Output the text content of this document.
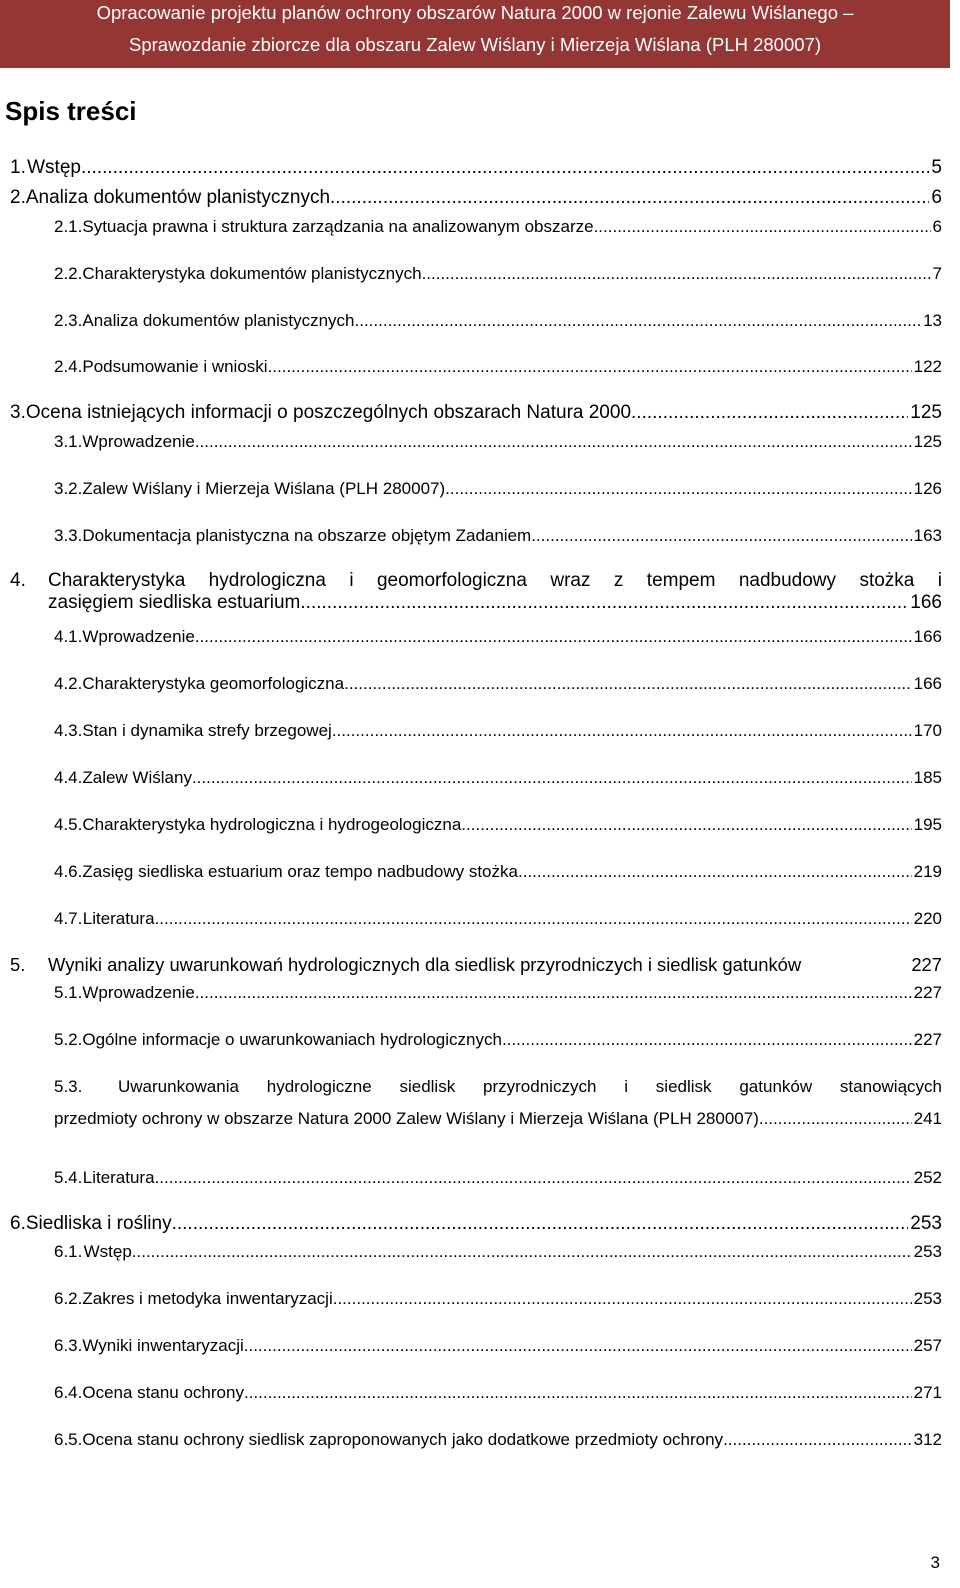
Opracowanie projektu planów ochrony obszarów Natura 2000 w rejonie Zalewu Wiślanego –
Sprawozdanie zbiorcze dla obszaru Zalew Wiślany i Mierzeja Wiślana (PLH 280007)
Spis treści
1. Wstęp .....	5
2. Analiza dokumentów planistycznych .....	6
2.1. Sytuacja prawna i struktura zarządzania na analizowanym obszarze .....	6
2.2. Charakterystyka dokumentów planistycznych .....	7
2.3. Analiza dokumentów planistycznych .....	13
2.4. Podsumowanie i wnioski .....	122
3. Ocena istniejących informacji o poszczególnych obszarach Natura 2000 .....	125
3.1. Wprowadzenie .....	125
3.2. Zalew Wiślany i Mierzeja Wiślana (PLH 280007) .....	126
3.3. Dokumentacja planistyczna na obszarze objętym Zadaniem .....	163
4.	Charakterystyka hydrologiczna i geomorfologiczna wraz z tempem nadbudowy stożka i
zasięgiem siedliska estuarium .....	166
4.1. Wprowadzenie .....	166
4.2. Charakterystyka geomorfologiczna .....	166
4.3. Stan i dynamika strefy brzegowej .....	170
4.4. Zalew Wiślany .....	185
4.5. Charakterystyka hydrologiczna i hydrogeologiczna .....	195
4.6. Zasięg siedliska estuarium oraz tempo nadbudowy stożka .....	219
4.7. Literatura .....	220
5.	Wyniki analizy uwarunkowań hydrologicznych dla siedlisk przyrodniczych i siedlisk gatunków	227
5.1. Wprowadzenie .....	227
5.2. Ogólne informacje o uwarunkowaniach hydrologicznych .....	227
5.3.	Uwarunkowania hydrologiczne siedlisk przyrodniczych i siedlisk gatunków stanowiących
przedmioty ochrony w obszarze Natura 2000 Zalew Wiślany i Mierzeja Wiślana (PLH 280007) .....	241
5.4. Literatura .....	252
6. Siedliska i rośliny .....	253
6.1. Wstęp .....	253
6.2. Zakres i metodyka inwentaryzacji .....	253
6.3. Wyniki inwentaryzacji .....	257
6.4. Ocena stanu ochrony .....	271
6.5. Ocena stanu ochrony siedlisk zaproponowanych jako dodatkowe przedmioty ochrony .....	312
3
